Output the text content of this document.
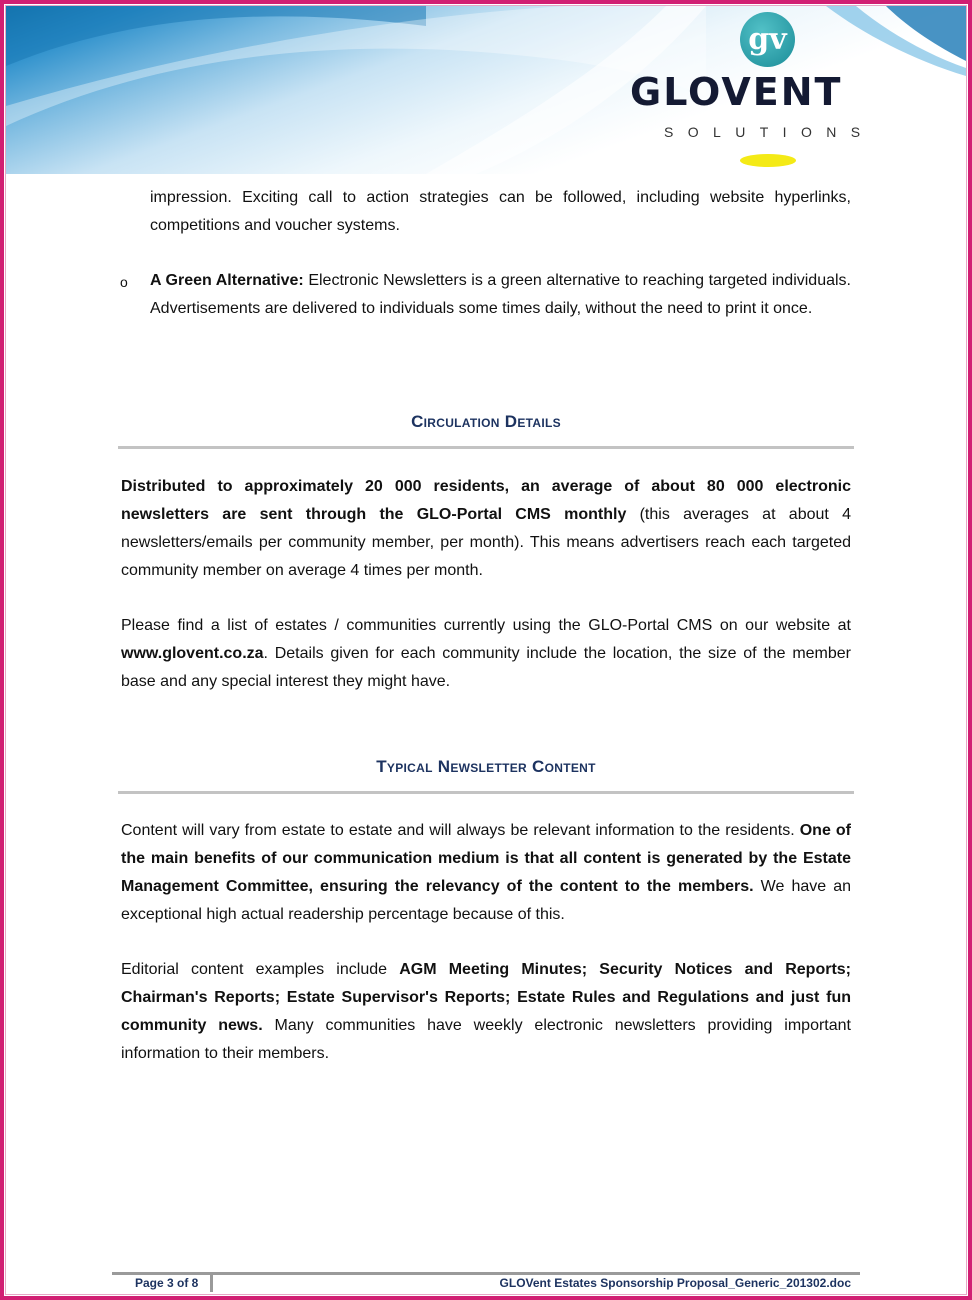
gv
GLOVENT
SOLUTIONS

impression. Exciting call to action strategies can be followed, including website hyperlinks, competitions and voucher systems.

o A Green Alternative: Electronic Newsletters is a green alternative to reaching targeted individuals. Advertisements are delivered to individuals some times daily, without the need to print it once.

Circulation Details

Distributed to approximately 20 000 residents, an average of about 80 000 electronic newsletters are sent through the GLO-Portal CMS monthly (this averages at about 4 newsletters/emails per community member, per month). This means advertisers reach each targeted community member on average 4 times per month.

Please find a list of estates / communities currently using the GLO-Portal CMS on our website at www.glovent.co.za. Details given for each community include the location, the size of the member base and any special interest they might have.

Typical Newsletter Content

Content will vary from estate to estate and will always be relevant information to the residents. One of the main benefits of our communication medium is that all content is generated by the Estate Management Committee, ensuring the relevancy of the content to the members. We have an exceptional high actual readership percentage because of this.

Editorial content examples include AGM Meeting Minutes; Security Notices and Reports; Chairman's Reports; Estate Supervisor's Reports; Estate Rules and Regulations and just fun community news. Many communities have weekly electronic newsletters providing important information to their members.

Page 3 of 8	GLOVent Estates Sponsorship Proposal_Generic_201302.doc
